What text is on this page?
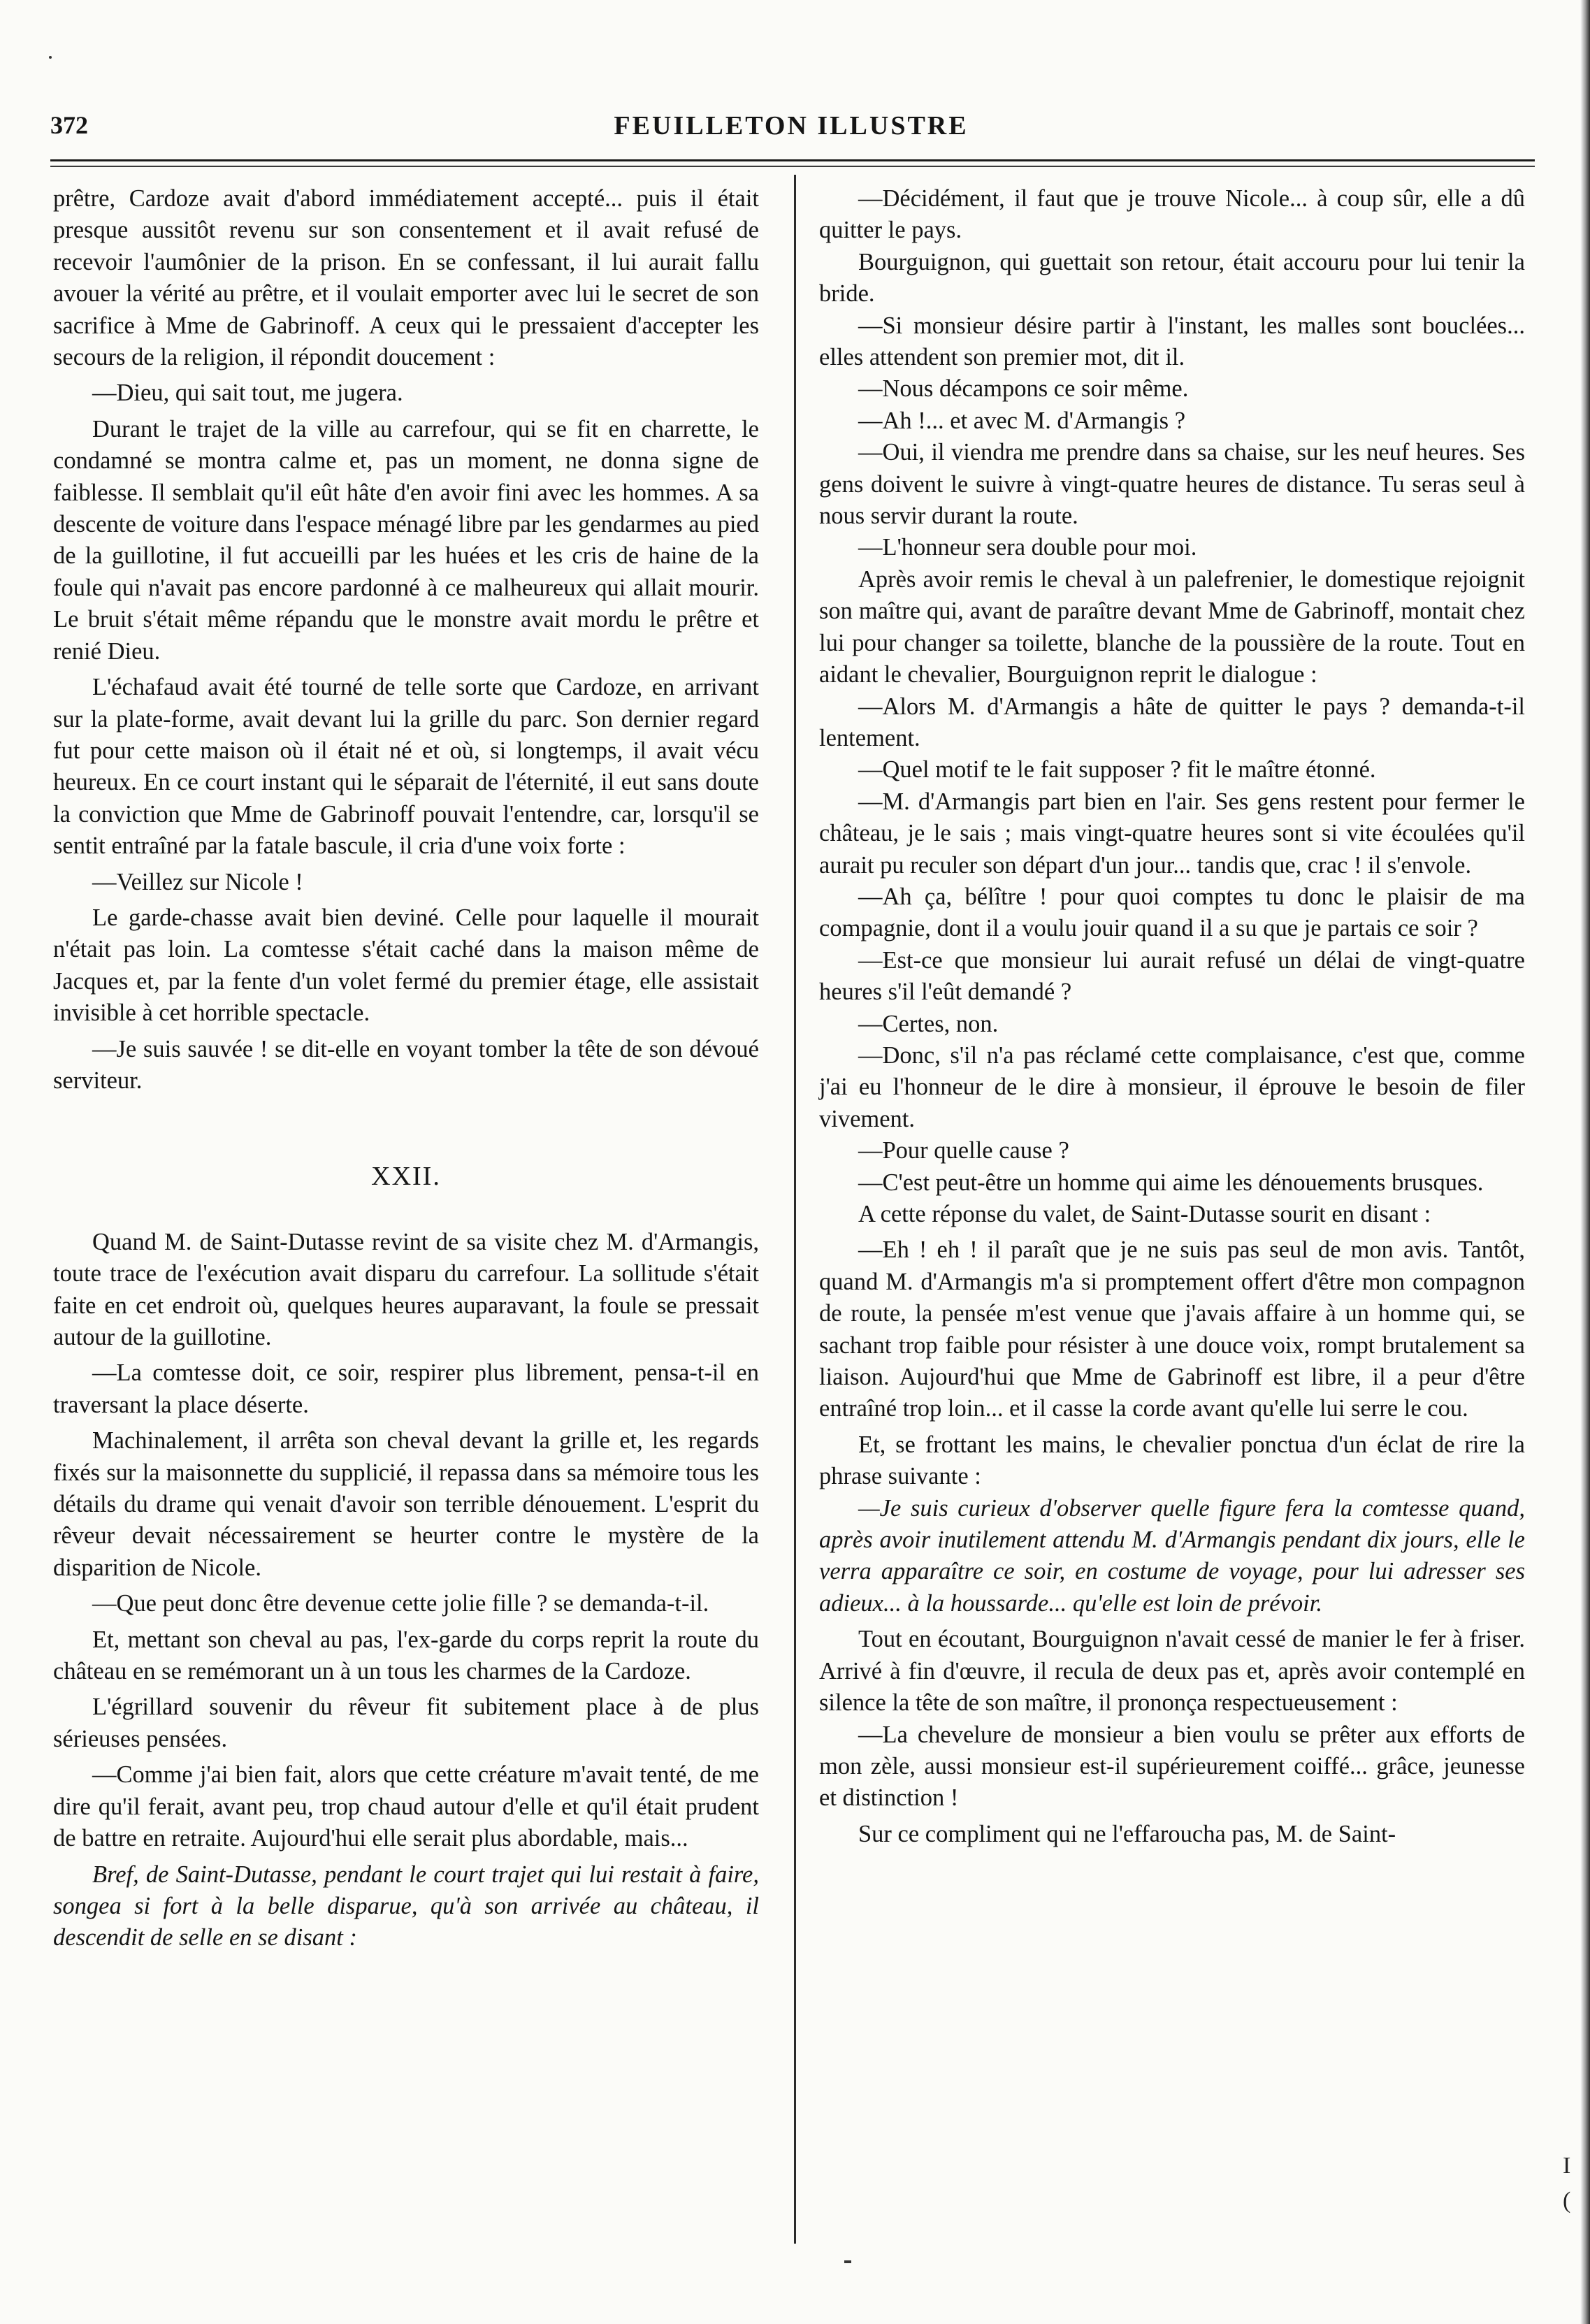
372	FEUILLETON ILLUSTRE

prêtre, Cardoze avait d'abord immédiatement accepté... puis il était presque aussitôt revenu sur son consentement et il avait refusé de recevoir l'aumônier de la prison. En se confessant, il lui aurait fallu avouer la vérité au prêtre, et il voulait emporter avec lui le secret de son sacrifice à Mme de Gabrinoff. A ceux qui le pressaient d'accepter les secours de la religion, il répondit doucement :

—Dieu, qui sait tout, me jugera.

Durant le trajet de la ville au carrefour, qui se fit en charrette, le condamné se montra calme et, pas un moment, ne donna signe de faiblesse. Il semblait qu'il eût hâte d'en avoir fini avec les hommes. A sa descente de voiture dans l'espace ménagé libre par les gendarmes au pied de la guillotine, il fut accueilli par les huées et les cris de haine de la foule qui n'avait pas encore pardonné à ce malheureux qui allait mourir. Le bruit s'était même répandu que le monstre avait mordu le prêtre et renié Dieu.

L'échafaud avait été tourné de telle sorte que Cardoze, en arrivant sur la plate-forme, avait devant lui la grille du parc. Son dernier regard fut pour cette maison où il était né et où, si longtemps, il avait vécu heureux. En ce court instant qui le séparait de l'éternité, il eut sans doute la conviction que Mme de Gabrinoff pouvait l'entendre, car, lorsqu'il se sentit entraîné par la fatale bascule, il cria d'une voix forte :

—Veillez sur Nicole !

Le garde-chasse avait bien deviné. Celle pour laquelle il mourait n'était pas loin. La comtesse s'était caché dans la maison même de Jacques et, par la fente d'un volet fermé du premier étage, elle assistait invisible à cet horrible spectacle.

—Je suis sauvée ! se dit-elle en voyant tomber la tête de son dévoué serviteur.

XXII.

Quand M. de Saint-Dutasse revint de sa visite chez M. d'Armangis, toute trace de l'exécution avait disparu du carrefour. La sollitude s'était faite en cet endroit où, quelques heures auparavant, la foule se pressait autour de la guillotine.

—La comtesse doit, ce soir, respirer plus librement, pensa-t-il en traversant la place déserte.

Machinalement, il arrêta son cheval devant la grille et, les regards fixés sur la maisonnette du supplicié, il repassa dans sa mémoire tous les détails du drame qui venait d'avoir son terrible dénouement. L'esprit du rêveur devait nécessairement se heurter contre le mystère de la disparition de Nicole.

—Que peut donc être devenue cette jolie fille ? se demanda-t-il.

Et, mettant son cheval au pas, l'ex-garde du corps reprit la route du château en se remémorant un à un tous les charmes de la Cardoze.

L'égrillard souvenir du rêveur fit subitement place à de plus sérieuses pensées.

—Comme j'ai bien fait, alors que cette créature m'avait tenté, de me dire qu'il ferait, avant peu, trop chaud autour d'elle et qu'il était prudent de battre en retraite. Aujourd'hui elle serait plus abordable, mais...

Bref, de Saint-Dutasse, pendant le court trajet qui lui restait à faire, songea si fort à la belle disparue, qu'à son arrivée au château, il descendit de selle en se disant :

—Décidément, il faut que je trouve Nicole... à coup sûr, elle a dû quitter le pays.

Bourguignon, qui guettait son retour, était accouru pour lui tenir la bride.

—Si monsieur désire partir à l'instant, les malles sont bouclées... elles attendent son premier mot, dit il.

—Nous décampons ce soir même.

—Ah !... et avec M. d'Armangis ?

—Oui, il viendra me prendre dans sa chaise, sur les neuf heures. Ses gens doivent le suivre à vingt-quatre heures de distance. Tu seras seul à nous servir durant la route.

—L'honneur sera double pour moi.

Après avoir remis le cheval à un palefrenier, le domestique rejoignit son maître qui, avant de paraître devant Mme de Gabrinoff, montait chez lui pour changer sa toilette, blanche de la poussière de la route. Tout en aidant le chevalier, Bourguignon reprit le dialogue :

—Alors M. d'Armangis a hâte de quitter le pays ? demanda-t-il lentement.

—Quel motif te le fait supposer ? fit le maître étonné.

—M. d'Armangis part bien en l'air. Ses gens restent pour fermer le château, je le sais ; mais vingt-quatre heures sont si vite écoulées qu'il aurait pu reculer son départ d'un jour... tandis que, crac ! il s'envole.

—Ah ça, bélître ! pour quoi comptes tu donc le plaisir de ma compagnie, dont il a voulu jouir quand il a su que je partais ce soir ?

—Est-ce que monsieur lui aurait refusé un délai de vingt-quatre heures s'il l'eût demandé ?

—Certes, non.

—Donc, s'il n'a pas réclamé cette complaisance, c'est que, comme j'ai eu l'honneur de le dire à monsieur, il éprouve le besoin de filer vivement.

—Pour quelle cause ?

—C'est peut-être un homme qui aime les dénouements brusques.

A cette réponse du valet, de Saint-Dutasse sourit en disant :

—Eh ! eh ! il paraît que je ne suis pas seul de mon avis. Tantôt, quand M. d'Armangis m'a si promptement offert d'être mon compagnon de route, la pensée m'est venue que j'avais affaire à un homme qui, se sachant trop faible pour résister à une douce voix, rompt brutalement sa liaison. Aujourd'hui que Mme de Gabrinoff est libre, il a peur d'être entraîné trop loin... et il casse la corde avant qu'elle lui serre le cou.

Et, se frottant les mains, le chevalier ponctua d'un éclat de rire la phrase suivante :

—Je suis curieux d'observer quelle figure fera la comtesse quand, après avoir inutilement attendu M. d'Armangis pendant dix jours, elle le verra apparaître ce soir, en costume de voyage, pour lui adresser ses adieux... à la houssarde... qu'elle est loin de prévoir.

Tout en écoutant, Bourguignon n'avait cessé de manier le fer à friser. Arrivé à fin d'œuvre, il recula de deux pas et, après avoir contemplé en silence la tête de son maître, il prononça respectueusement :

—La chevelure de monsieur a bien voulu se prêter aux efforts de mon zèle, aussi monsieur est-il supérieurement coiffé... grâce, jeunesse et distinction !

Sur ce compliment qui ne l'effaroucha pas, M. de Saint-

I
(
